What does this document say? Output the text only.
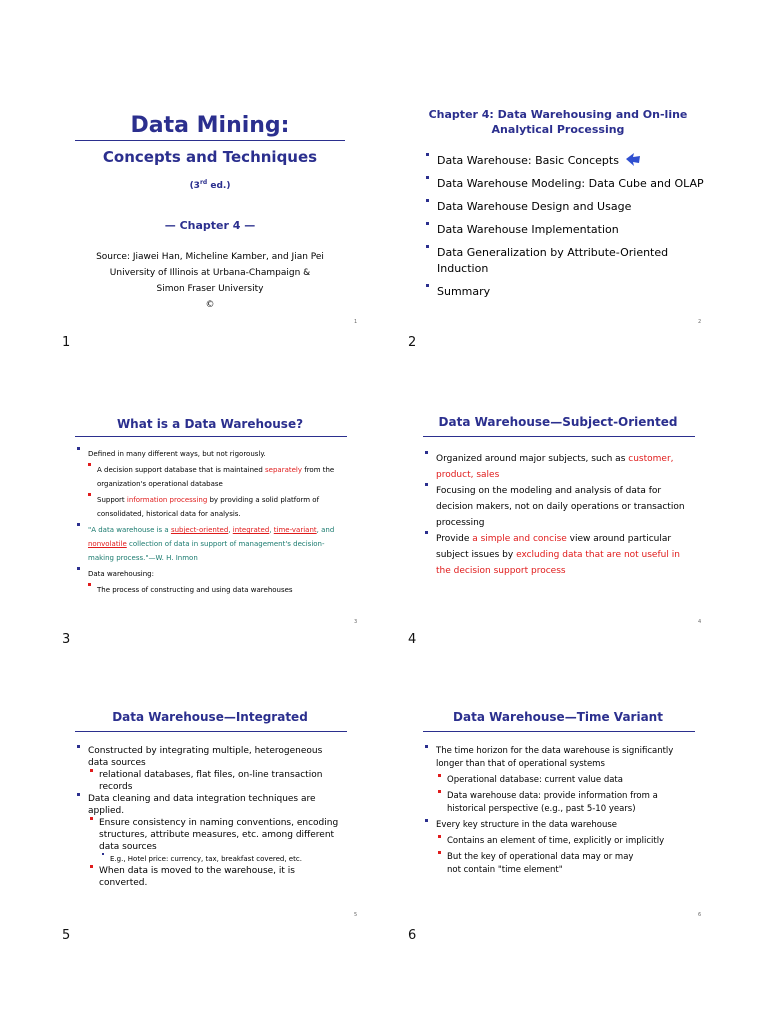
Data Mining:
Concepts and Techniques
(3rd ed.)
— Chapter 4 —
Source: Jiawei Han, Micheline Kamber, and Jian Pei
University of Illinois at Urbana-Champaign &
Simon Fraser University
©
1
1
Chapter 4: Data Warehousing and On-line Analytical Processing
Data Warehouse: Basic Concepts
Data Warehouse Modeling: Data Cube and OLAP
Data Warehouse Design and Usage
Data Warehouse Implementation
Data Generalization by Attribute-Oriented Induction
Summary
2
2
What is a Data Warehouse?
Defined in many different ways, but not rigorously.
A decision support database that is maintained separately from the organization's operational database
Support information processing by providing a solid platform of consolidated, historical data for analysis.
"A data warehouse is a subject-oriented, integrated, time-variant, and nonvolatile collection of data in support of management's decision-making process."—W. H. Inmon
Data warehousing:
The process of constructing and using data warehouses
3
3
Data Warehouse—Subject-Oriented
Organized around major subjects, such as customer, product, sales
Focusing on the modeling and analysis of data for decision makers, not on daily operations or transaction processing
Provide a simple and concise view around particular subject issues by excluding data that are not useful in the decision support process
4
4
Data Warehouse—Integrated
Constructed by integrating multiple, heterogeneous data sources
relational databases, flat files, on-line transaction records
Data cleaning and data integration techniques are applied.
Ensure consistency in naming conventions, encoding structures, attribute measures, etc. among different data sources
E.g., Hotel price: currency, tax, breakfast covered, etc.
When data is moved to the warehouse, it is converted.
5
5
Data Warehouse—Time Variant
The time horizon for the data warehouse is significantly longer than that of operational systems
Operational database: current value data
Data warehouse data: provide information from a historical perspective (e.g., past 5-10 years)
Every key structure in the data warehouse
Contains an element of time, explicitly or implicitly
But the key of operational data may or may not contain "time element"
6
6
